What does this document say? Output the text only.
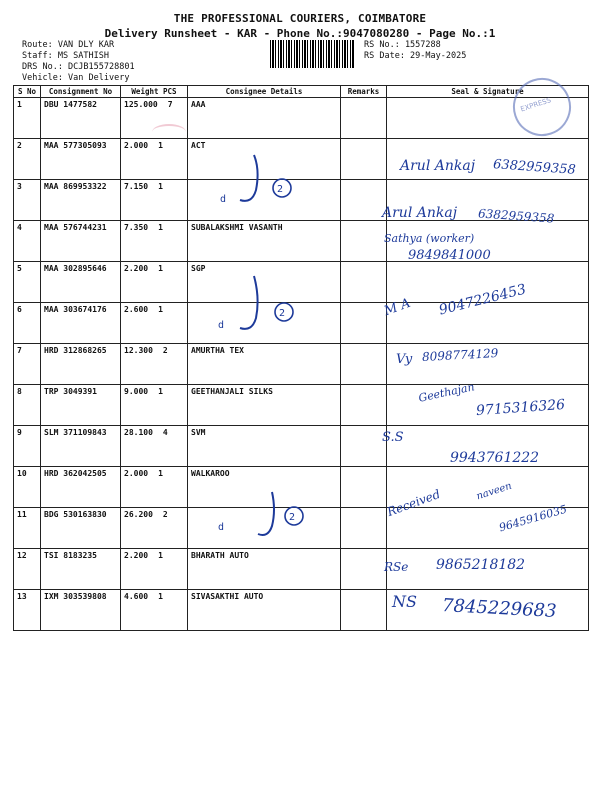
THE PROFESSIONAL COURIERS, COIMBATORE
Delivery Runsheet - KAR - Phone No.:9047080280 - Page No.:1
Route: VAN DLY KAR
Staff: MS SATHISH
DRS No.: DCJB155728801
Vehicle: Van Delivery
RS No.: 1557288
RS Date: 29-May-2025
S No	Consignment No	Weight PCS	Consignee Details	Remarks	Seal & Signature
1	DBU 1477582	125.000 7	AAA		
2	MAA 577305093	2.000 1	ACT		
3	MAA 869953322	7.150 1			
4	MAA 576744231	7.350 1	SUBALAKSHMI VASANTH		
5	MAA 302895646	2.200 1	SGP		
6	MAA 303674176	2.600 1			
7	HRD 312868265	12.300 2	AMURTHA TEX		
8	TRP 3049391	9.000 1	GEETHANJALI SILKS		
9	SLM 371109843	28.100 4	SVM		
10	HRD 362042505	2.000 1	WALKAROO		
11	BDG 530163830	26.200 2			
12	TSI 8183235	2.200 1	BHARATH AUTO		
13	IXM 303539808	4.600 1	SIVASAKTHI AUTO		
EXPRESS
6382959358
Arul Ankaj
6382959358
Arul Ankaj
Sathya (worker)
9849841000
9047226453
M A
8098774129
Vy
Geethajan
9715316326
S.S
9943761222
Received	9645916035
naveen
9865218182
RSe
7845229683
NS
2
d
2
d
2
d
